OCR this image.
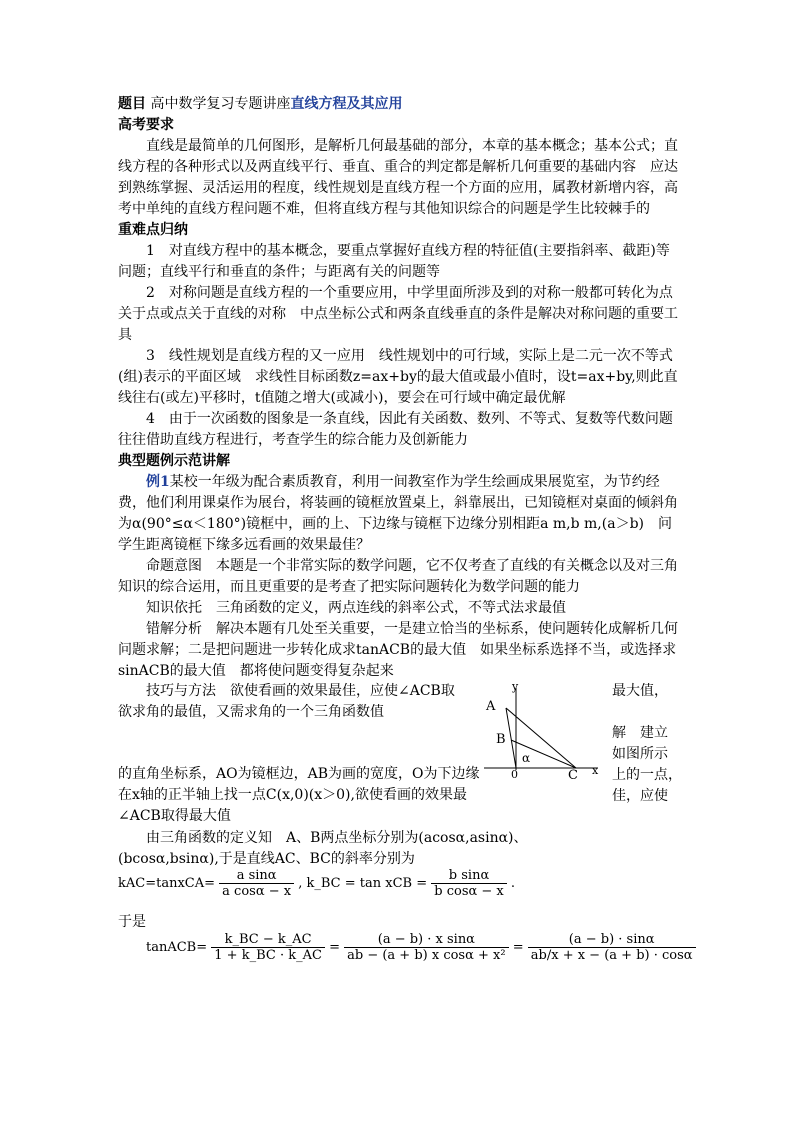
题目 高中数学复习专题讲座直线方程及其应用

高考要求

直线是最简单的几何图形，是解析几何最基础的部分，本章的基本概念；基本公式；直线方程的各种形式以及两直线平行、垂直、重合的判定都是解析几何重要的基础内容　应达到熟练掌握、灵活运用的程度，线性规划是直线方程一个方面的应用，属教材新增内容，高考中单纯的直线方程问题不难，但将直线方程与其他知识综合的问题是学生比较棘手的

重难点归纳

1　对直线方程中的基本概念，要重点掌握好直线方程的特征值(主要指斜率、截距)等问题；直线平行和垂直的条件；与距离有关的问题等

2　对称问题是直线方程的一个重要应用，中学里面所涉及到的对称一般都可转化为点关于点或点关于直线的对称　中点坐标公式和两条直线垂直的条件是解决对称问题的重要工具

3　线性规划是直线方程的又一应用　线性规划中的可行域，实际上是二元一次不等式(组)表示的平面区域　求线性目标函数z=ax+by的最大值或最小值时，设t=ax+by,则此直线往右(或左)平移时，t值随之增大(或减小)，要会在可行域中确定最优解

4　由于一次函数的图象是一条直线，因此有关函数、数列、不等式、复数等代数问题往往借助直线方程进行，考查学生的综合能力及创新能力

典型题例示范讲解

例1某校一年级为配合素质教育，利用一间教室作为学生绘画成果展览室，为节约经费，他们利用课桌作为展台，将装画的镜框放置桌上，斜靠展出，已知镜框对桌面的倾斜角为α(90°≤α＜180°)镜框中，画的上、下边缘与镜框下边缘分别相距a m,b m,(a＞b)　问学生距离镜框下缘多远看画的效果最佳？

命题意图　本题是一个非常实际的数学问题，它不仅考查了直线的有关概念以及对三角知识的综合运用，而且更重要的是考查了把实际问题转化为数学问题的能力

知识依托　三角函数的定义，两点连线的斜率公式，不等式法求最值

错解分析　解决本题有几处至关重要，一是建立恰当的坐标系，使问题转化成解析几何问题求解；二是把问题进一步转化成求tanACB的最大值　如果坐标系选择不当，或选择求sinACB的最大值　都将使问题变得复杂起来

技巧与方法　欲使看画的效果最佳，应使∠ACB取
欲求角的最值，又需求角的一个三角函数值
的直角坐标系，AO为镜框边，AB为画的宽度，O为下边缘
在x轴的正半轴上找一点C(x,0)(x＞0),欲使看画的效果最
∠ACB取得最大值
最大值，
解　建立
如图所示
上的一点，
佳，应使
y
A
B
0	C x
α
由三角函数的定义知　A、B两点坐标分别为(acosα,asinα)、
(bcosα,bsinα),于是直线AC、BC的斜率分别为
kAC=tanxCA= $\frac{\text{a sinα}}{\text{a cosα − x}}$ , k_BC = tan xCB = $\frac{\text{b sinα}}{\text{b cosα − x}}$ .
于是
tanACB= $\frac{k\_BC - k\_AC}{1 + k\_BC \cdot k\_AC} = \frac{\text{(a − b) · x sinα}}{\text{ab − (a + b) x cosα + x²}} = \frac{(a - b) \cdot \sin\alpha}{ab/x + x - (a + b) \cdot \cos\alpha}$
